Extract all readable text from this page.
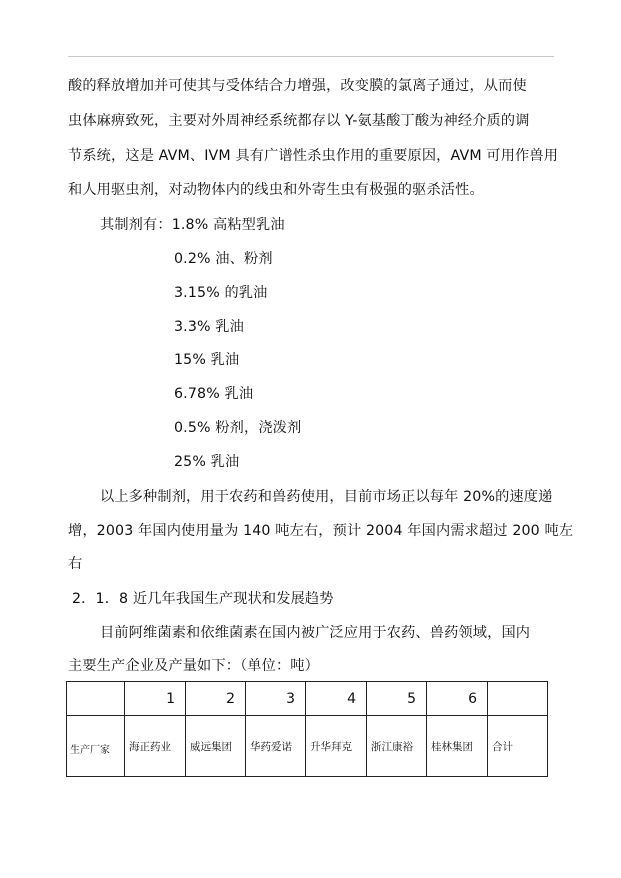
酸的释放增加并可使其与受体结合力增强，改变膜的氯离子通过，从而使
虫体麻痹致死，主要对外周神经系统都存以 Y-氨基酸丁酸为神经介质的调
节系统，这是 AVM、IVM 具有广谱性杀虫作用的重要原因，AVM 可用作兽用
和人用驱虫剂，对动物体内的线虫和外寄生虫有极强的驱杀活性。
其制剂有：1.8% 高粘型乳油
0.2% 油、粉剂
3.15% 的乳油
3.3% 乳油
15% 乳油
6.78% 乳油
0.5% 粉剂，浇泼剂
25% 乳油
以上多种制剂，用于农药和兽药使用，目前市场正以每年 20%的速度递
增，2003 年国内使用量为 140 吨左右，预计 2004 年国内需求超过 200 吨左
右
2．1．8 近几年我国生产现状和发展趋势
目前阿维菌素和依维菌素在国内被广泛应用于农药、兽药领域，国内
主要生产企业及产量如下：（单位：吨）
	1	2	3	4	5	6	
生产厂家	海正药业	威远集团	华药爱诺	升华拜克	浙江康裕	桂林集团	合计
